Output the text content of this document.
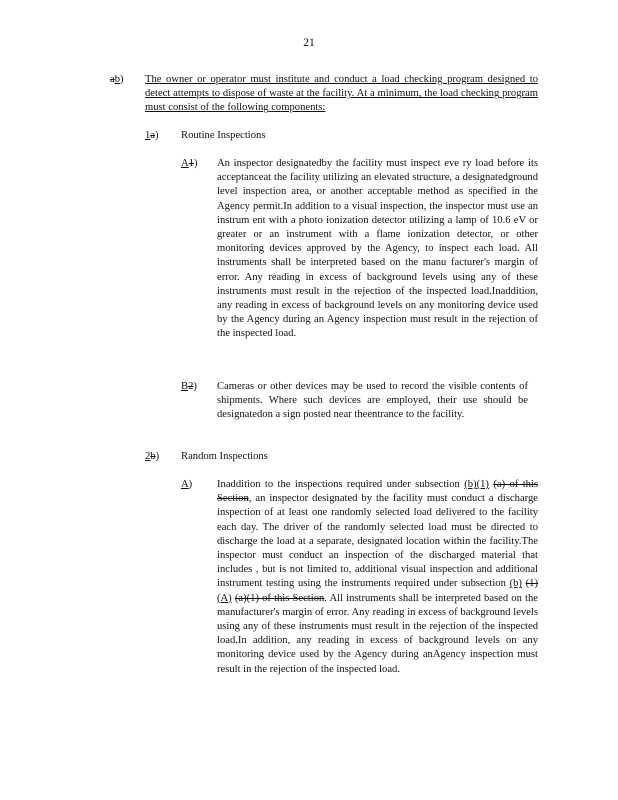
21
ab) The owner or operator must institute and conduct a load checking program designed to detect attempts to dispose of waste at the facility. At a minimum, the load checking program must consist of the following components:
1a) Routine Inspections
A1) An inspector designatedby the facility must inspect eve ry load before its acceptanceat the facility utilizing an elevated structure, a designatedground level inspection area, or another acceptable method as specified in the Agency permit.In addition to a visual inspection, the inspector must use an instrum ent with a photo ionization detector utilizing a lamp of 10.6 eV or greater or an instrument with a flame ionization detector, or other monitoring devices approved by the Agency, to inspect each load. All instruments shall be interpreted based on the manu facturer's margin of error. Any reading in excess of background levels using any of these instruments must result in the rejection of the inspected load.Inaddition, any reading in excess of background levels on any monitoring device used by the Agency during an Agency inspection must result in the rejection of the inspected load.
B2) Cameras or other devices may be used to record the visible contents of shipments. Where such devices are employed, their use should be designatedon a sign posted near theentrance to the facility.
2b) Random Inspections
A) Inaddition to the inspections required under subsection (b)(1) (a) of this Section, an inspector designated by the facility must conduct a discharge inspection of at least one randomly selected load delivered to the facility each day. The driver of the randomly selected load must be directed to discharge the load at a separate, designated location within the facility.The inspector must conduct an inspection of the discharged material that includes , but is not limited to, additional visual inspection and additional instrument testing using the instruments required under subsection (b) (1) (A) (a)(1) of this Section. All instruments shall be interpreted based on the manufacturer's margin of error. Any reading in excess of background levels using any of these instruments must result in the rejection of the inspected load.In addition, any reading in excess of background levels on any monitoring device used by the Agency during anAgency inspection must result in the rejection of the inspected load.
